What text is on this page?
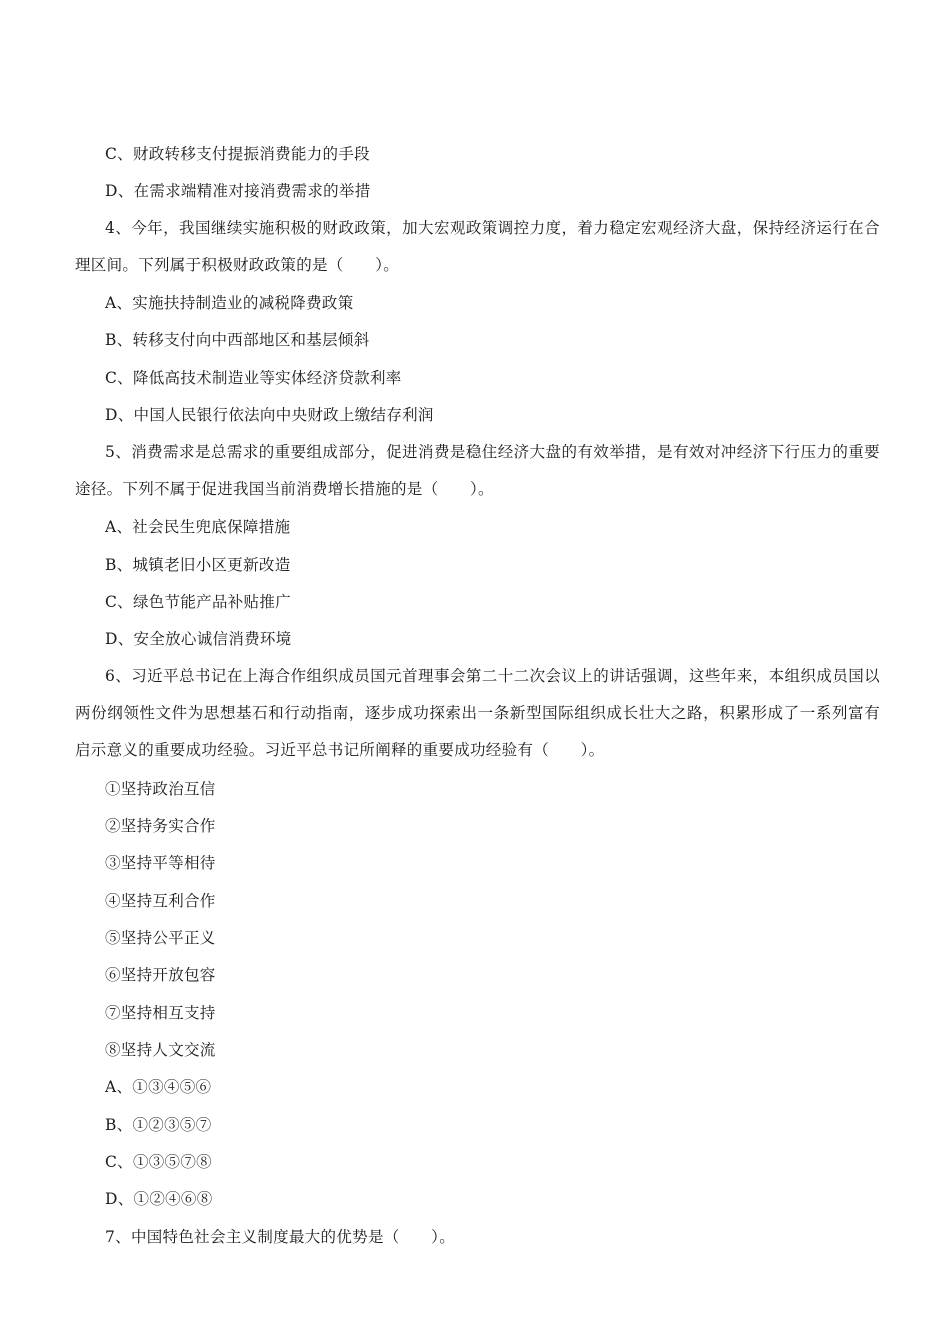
C、财政转移支付提振消费能力的手段
D、在需求端精准对接消费需求的举措
4、今年，我国继续实施积极的财政政策，加大宏观政策调控力度，着力稳定宏观经济大盘，保持经济运行在合理区间。下列属于积极财政政策的是（　　）。
A、实施扶持制造业的减税降费政策
B、转移支付向中西部地区和基层倾斜
C、降低高技术制造业等实体经济贷款利率
D、中国人民银行依法向中央财政上缴结存利润
5、消费需求是总需求的重要组成部分，促进消费是稳住经济大盘的有效举措，是有效对冲经济下行压力的重要途径。下列不属于促进我国当前消费增长措施的是（　　）。
A、社会民生兜底保障措施
B、城镇老旧小区更新改造
C、绿色节能产品补贴推广
D、安全放心诚信消费环境
6、习近平总书记在上海合作组织成员国元首理事会第二十二次会议上的讲话强调，这些年来，本组织成员国以两份纲领性文件为思想基石和行动指南，逐步成功探索出一条新型国际组织成长壮大之路，积累形成了一系列富有启示意义的重要成功经验。习近平总书记所阐释的重要成功经验有（　　）。
①坚持政治互信
②坚持务实合作
③坚持平等相待
④坚持互利合作
⑤坚持公平正义
⑥坚持开放包容
⑦坚持相互支持
⑧坚持人文交流
A、①③④⑤⑥
B、①②③⑤⑦
C、①③⑤⑦⑧
D、①②④⑥⑧
7、中国特色社会主义制度最大的优势是（　　）。
